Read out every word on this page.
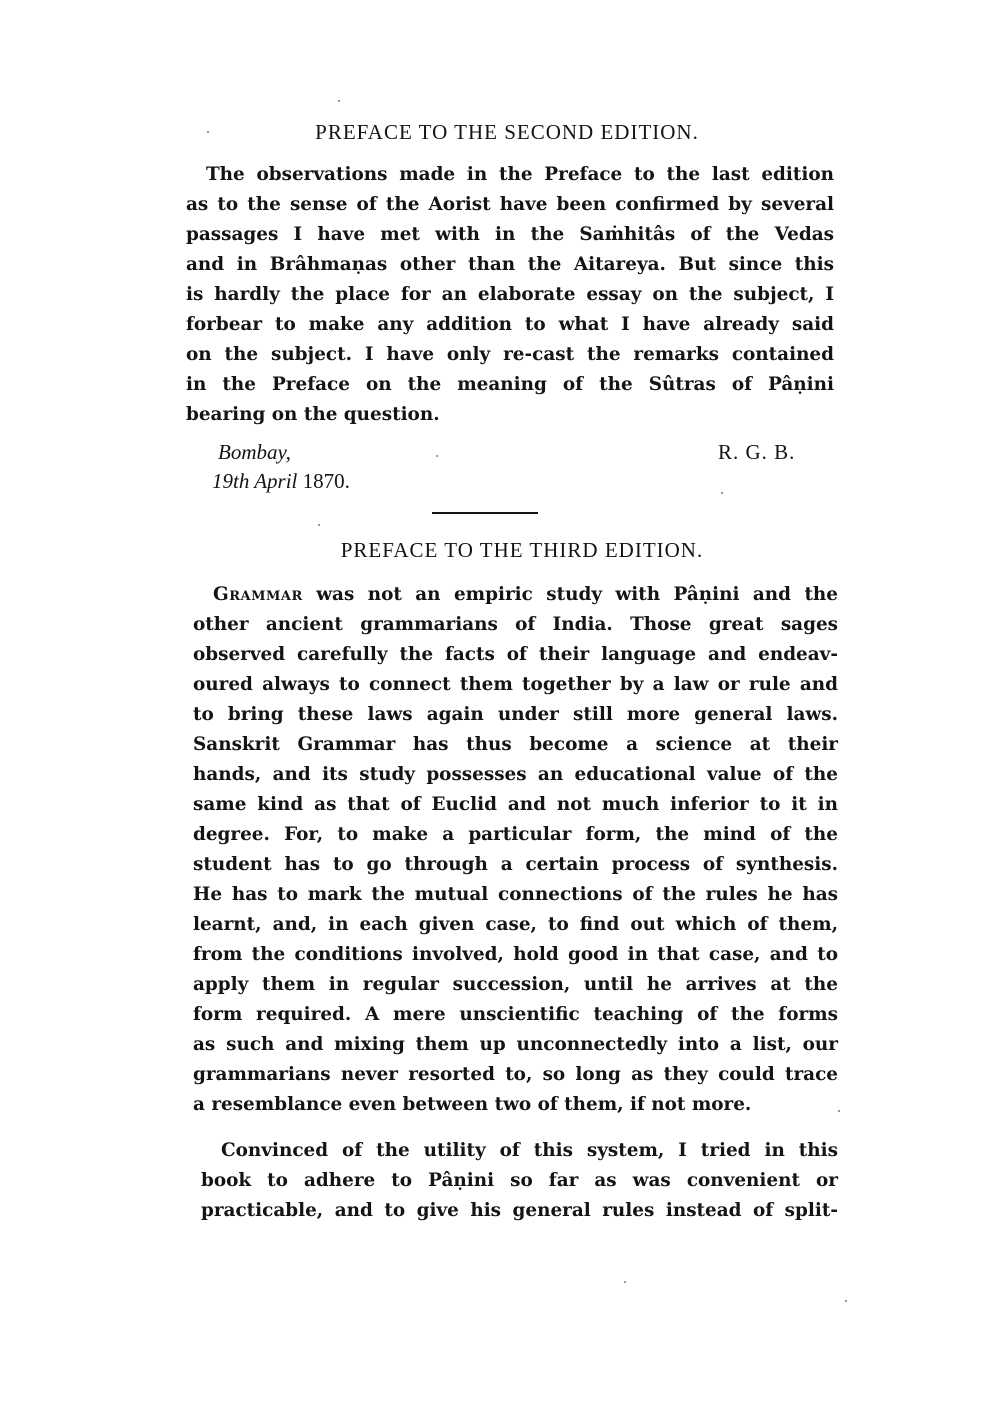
PREFACE TO THE SECOND EDITION.
The observations made in the Preface to the last edition
as to the sense of the Aorist have been confirmed by several
passages I have met with in the Saṁhitâs of the Vedas
and in Brâhmaṇas other than the Aitareya. But since this
is hardly the place for an elaborate essay on the subject, I
forbear to make any addition to what I have already said
on the subject. I have only re-cast the remarks contained
in the Preface on the meaning of the Sûtras of Pâṇini
bearing on the question.
Bombay,
19th April 1870.
R. G. B.
PREFACE TO THE THIRD EDITION.
Grammar was not an empiric study with Pâṇini and the
other ancient grammarians of India. Those great sages
observed carefully the facts of their language and endeav-
oured always to connect them together by a law or rule and
to bring these laws again under still more general laws.
Sanskrit Grammar has thus become a science at their
hands, and its study possesses an educational value of the
same kind as that of Euclid and not much inferior to it in
degree. For, to make a particular form, the mind of the
student has to go through a certain process of synthesis.
He has to mark the mutual connections of the rules he has
learnt, and, in each given case, to find out which of them,
from the conditions involved, hold good in that case, and to
apply them in regular succession, until he arrives at the
form required. A mere unscientific teaching of the forms
as such and mixing them up unconnectedly into a list, our
grammarians never resorted to, so long as they could trace
a resemblance even between two of them, if not more.
Convinced of the utility of this system, I tried in this
book to adhere to Pâṇini so far as was convenient or
practicable, and to give his general rules instead of split-
